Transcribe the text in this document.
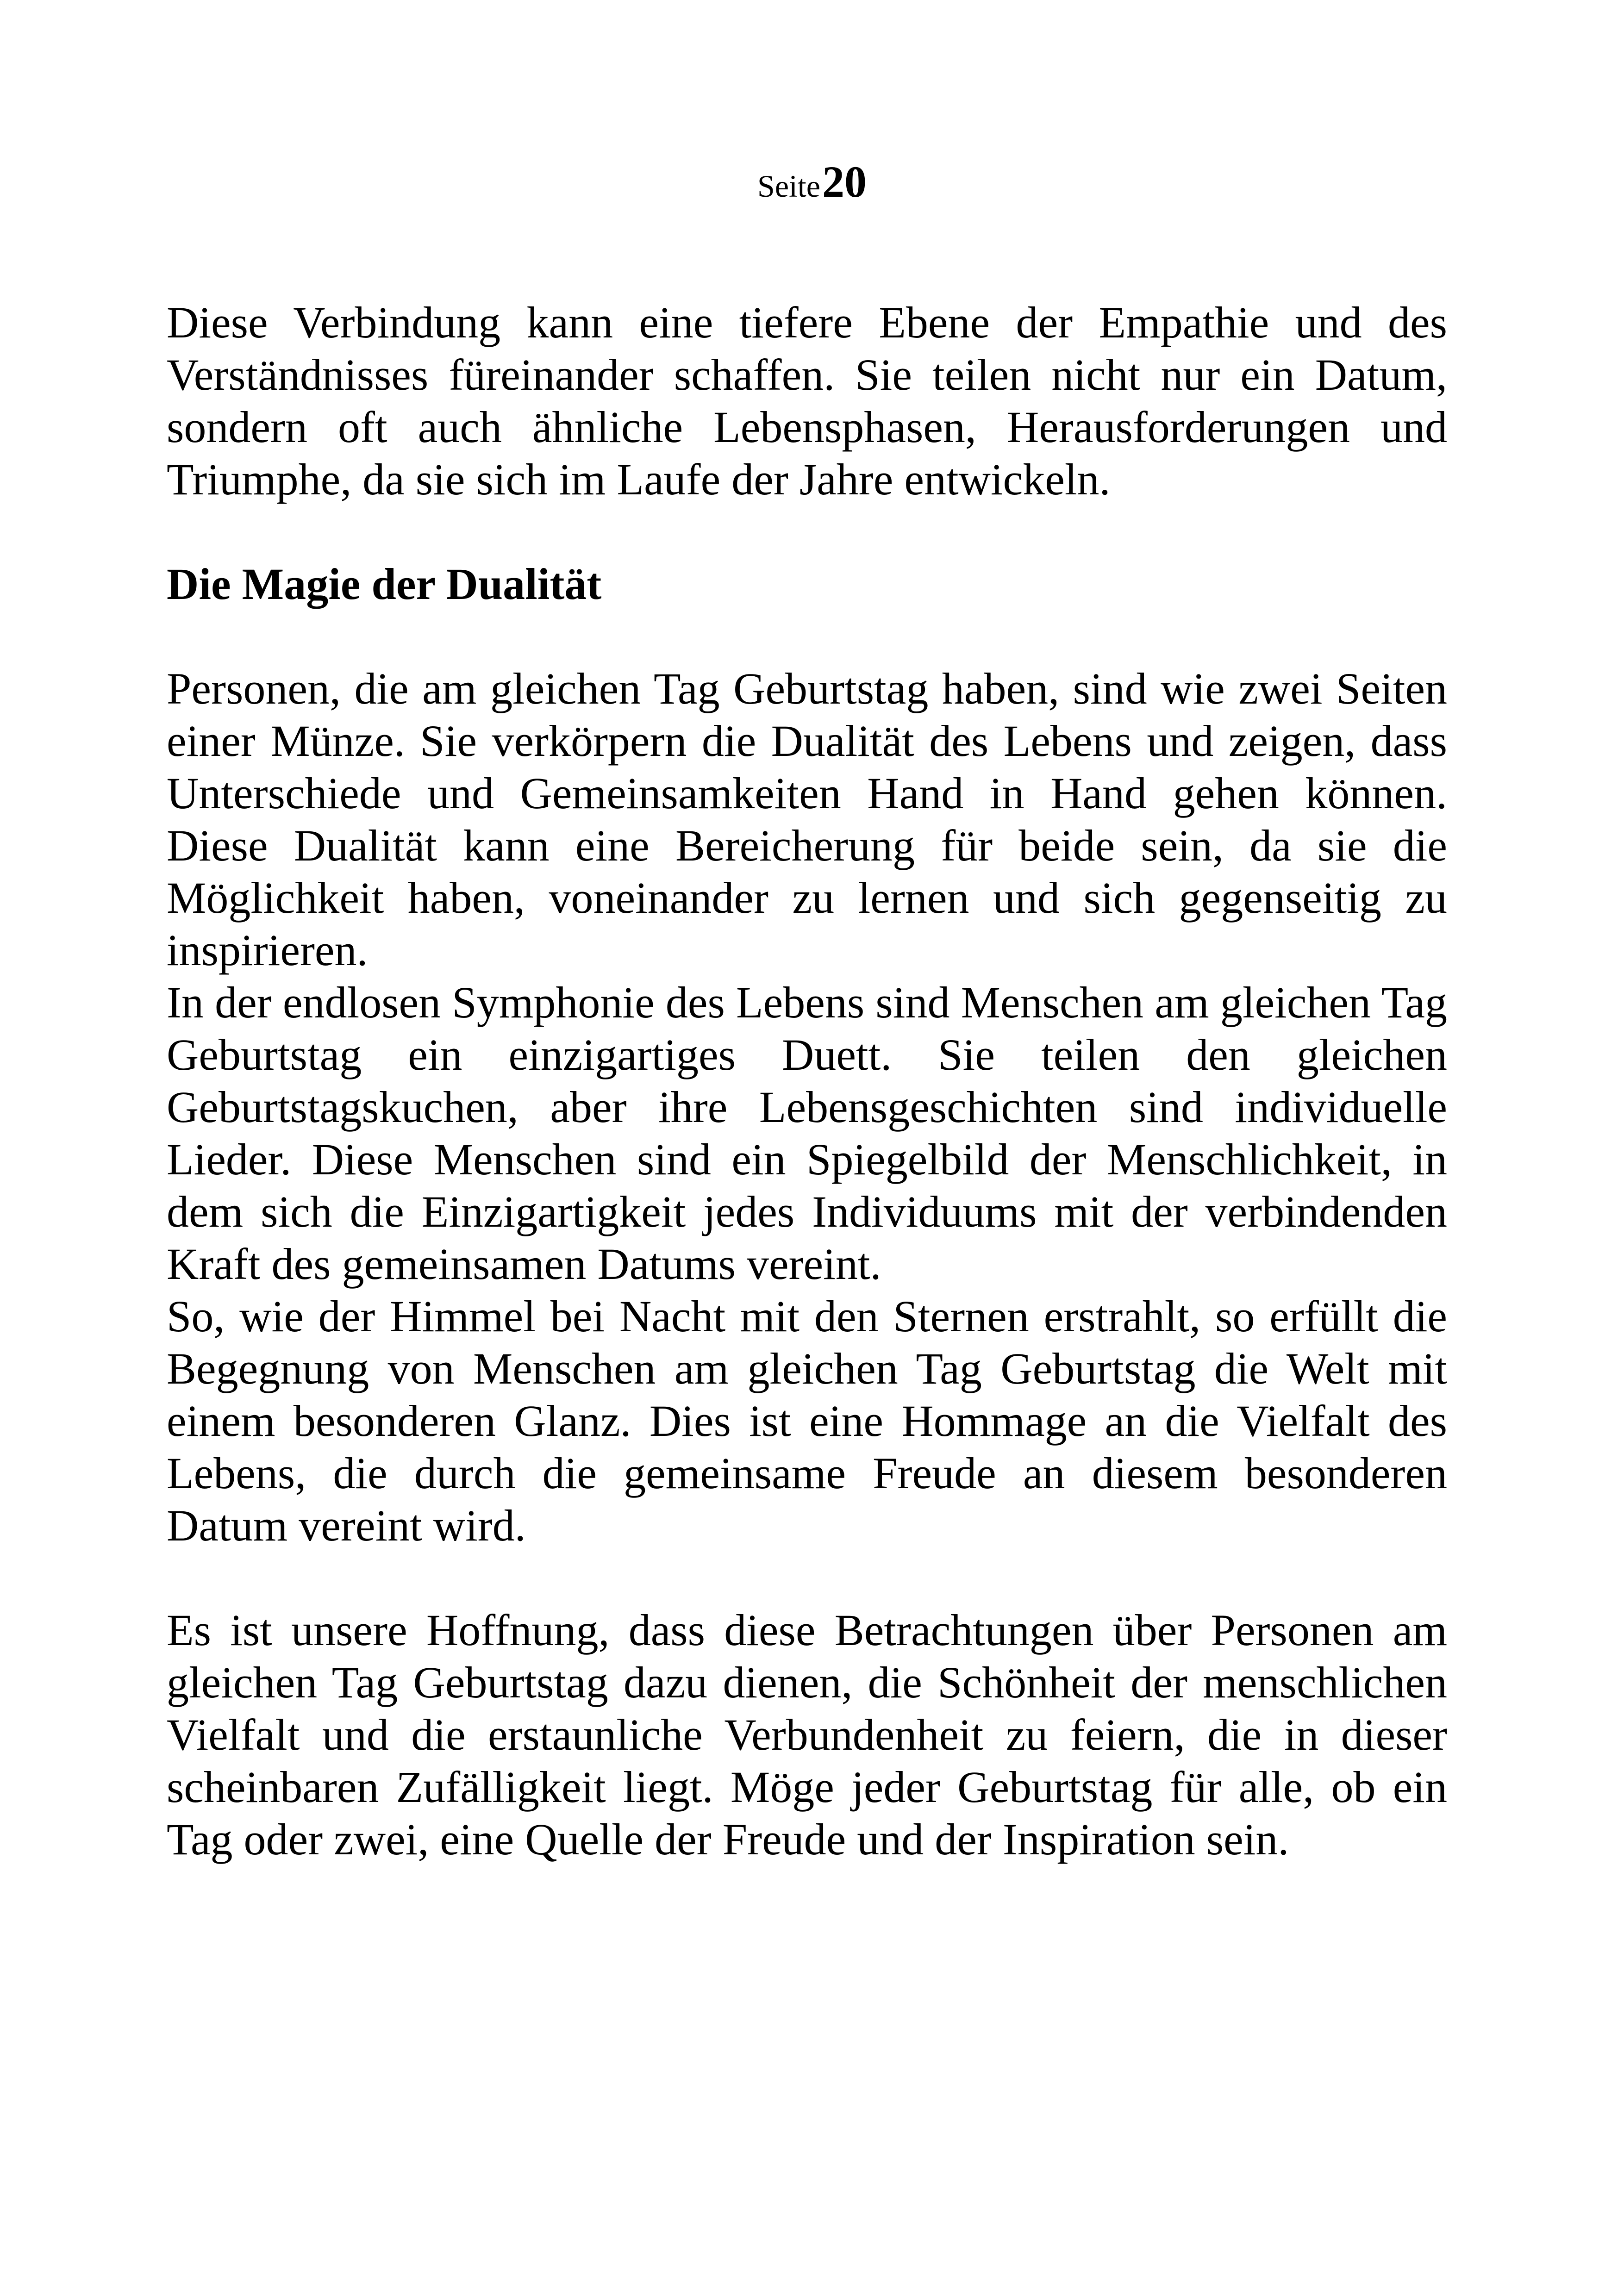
Seite 20

Diese Verbindung kann eine tiefere Ebene der Empathie und des Verständnisses füreinander schaffen. Sie teilen nicht nur ein Datum, sondern oft auch ähnliche Lebensphasen, Herausforderungen und Triumphe, da sie sich im Laufe der Jahre entwickeln.

Die Magie der Dualität

Personen, die am gleichen Tag Geburtstag haben, sind wie zwei Seiten einer Münze. Sie verkörpern die Dualität des Lebens und zeigen, dass Unterschiede und Gemeinsamkeiten Hand in Hand gehen können. Diese Dualität kann eine Bereicherung für beide sein, da sie die Möglichkeit haben, voneinander zu lernen und sich gegenseitig zu inspirieren.

In der endlosen Symphonie des Lebens sind Menschen am gleichen Tag Geburtstag ein einzigartiges Duett. Sie teilen den gleichen Geburtstagskuchen, aber ihre Lebensgeschichten sind individuelle Lieder. Diese Menschen sind ein Spiegelbild der Menschlichkeit, in dem sich die Einzigartigkeit jedes Individuums mit der verbindenden Kraft des gemeinsamen Datums vereint.

So, wie der Himmel bei Nacht mit den Sternen erstrahlt, so erfüllt die Begegnung von Menschen am gleichen Tag Geburtstag die Welt mit einem besonderen Glanz. Dies ist eine Hommage an die Vielfalt des Lebens, die durch die gemeinsame Freude an diesem besonderen Datum vereint wird.

Es ist unsere Hoffnung, dass diese Betrachtungen über Personen am gleichen Tag Geburtstag dazu dienen, die Schönheit der menschlichen Vielfalt und die erstaunliche Verbundenheit zu feiern, die in dieser scheinbaren Zufälligkeit liegt. Möge jeder Geburtstag für alle, ob ein Tag oder zwei, eine Quelle der Freude und der Inspiration sein.
